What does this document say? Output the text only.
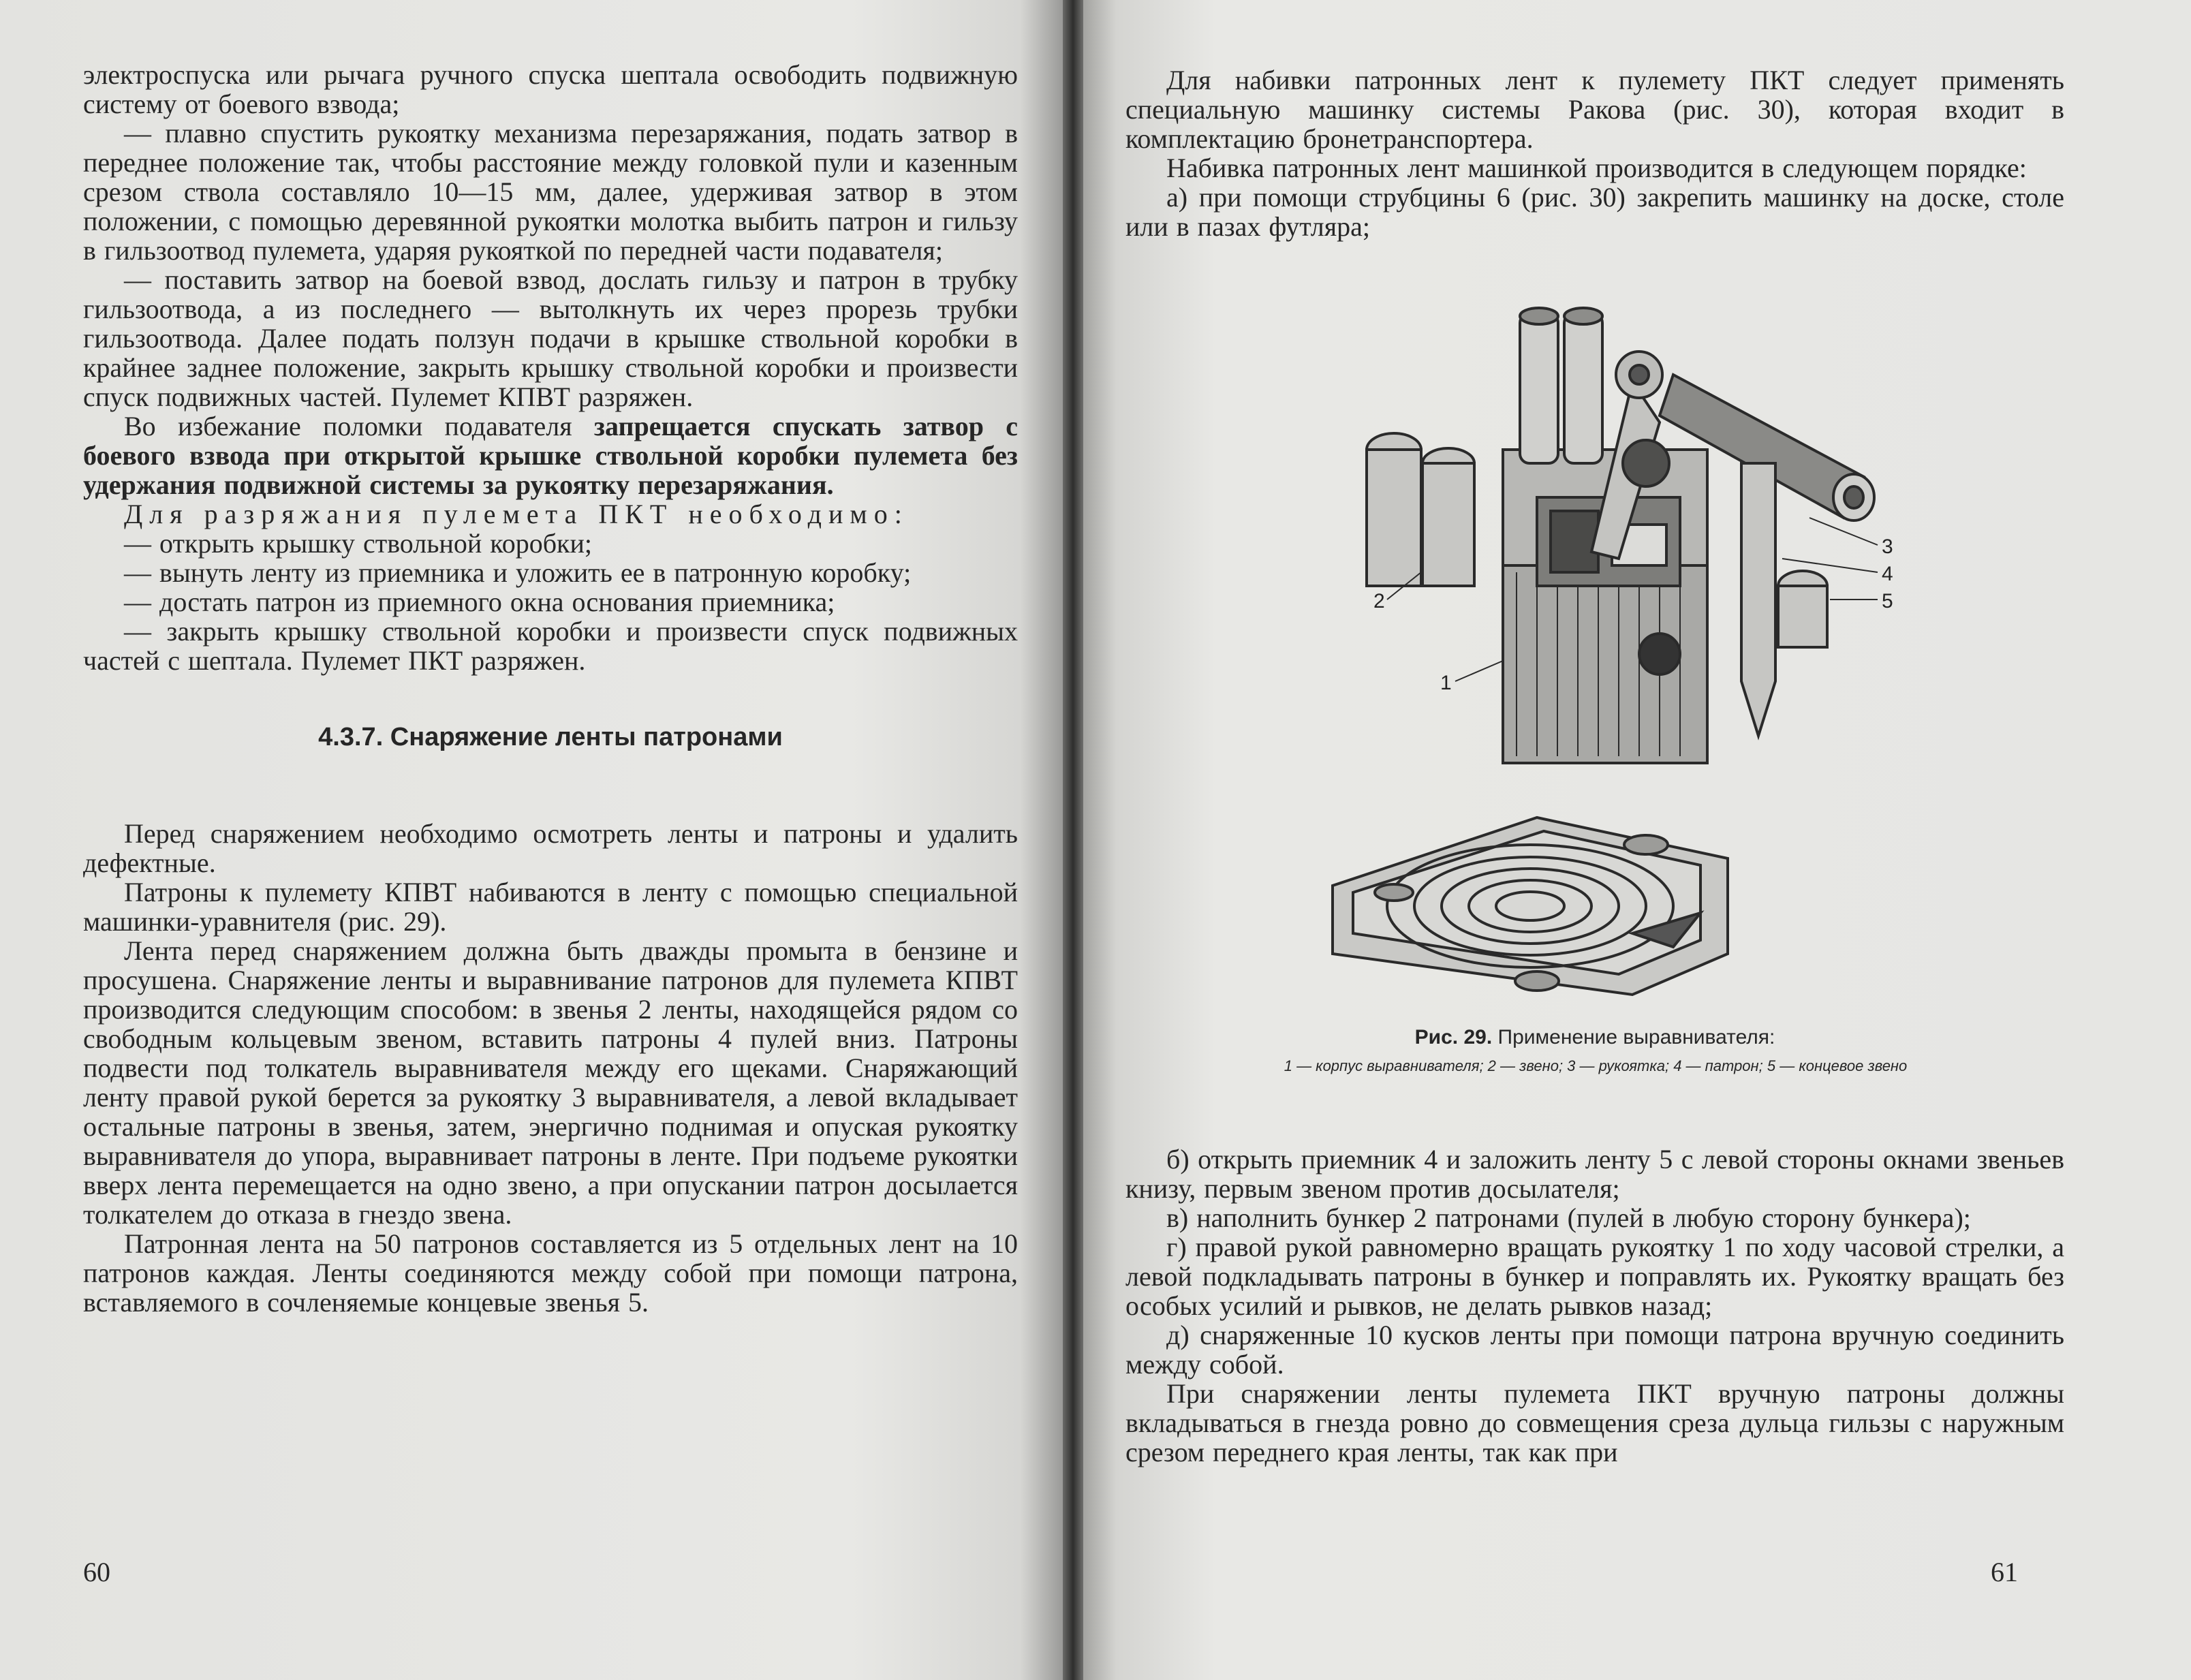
электроспуска или рычага ручного спуска шептала освободить подвижную систему от боевого взвода;

— плавно спустить рукоятку механизма перезаряжания, подать затвор в переднее положение так, чтобы расстояние между головкой пули и казенным срезом ствола составляло 10—15 мм, далее, удерживая затвор в этом положении, с помощью деревянной рукоятки молотка выбить патрон и гильзу в гильзоотвод пулемета, ударяя рукояткой по передней части подавателя;

— поставить затвор на боевой взвод, дослать гильзу и патрон в трубку гильзоотвода, а из последнего — вытолкнуть их через прорезь трубки гильзоотвода. Далее подать ползун подачи в крышке ствольной коробки в крайнее заднее положение, закрыть крышку ствольной коробки и произвести спуск подвижных частей. Пулемет КПВТ разряжен.

Во избежание поломки подавателя запрещается спускать затвор с боевого взвода при открытой крышке ствольной коробки пулемета без удержания подвижной системы за рукоятку перезаряжания.

Для разряжания пулемета ПКТ необходимо:

— открыть крышку ствольной коробки;

— вынуть ленту из приемника и уложить ее в патронную коробку;

— достать патрон из приемного окна основания приемника;

— закрыть крышку ствольной коробки и произвести спуск подвижных частей с шептала. Пулемет ПКТ разряжен.

4.3.7. Снаряжение ленты патронами

Перед снаряжением необходимо осмотреть ленты и патроны и удалить дефектные.

Патроны к пулемету КПВТ набиваются в ленту с помощью специальной машинки-уравнителя (рис. 29).

Лента перед снаряжением должна быть дважды промыта в бензине и просушена. Снаряжение ленты и выравнивание патронов для пулемета КПВТ производится следующим способом: в звенья 2 ленты, находящейся рядом со свободным кольцевым звеном, вставить патроны 4 пулей вниз. Патроны подвести под толкатель выравнивателя между его щеками. Снаряжающий ленту правой рукой берется за рукоятку 3 выравнивателя, а левой вкладывает остальные патроны в звенья, затем, энергично поднимая и опуская рукоятку выравнивателя до упора, выравнивает патроны в ленте. При подъеме рукоятки вверх лента перемещается на одно звено, а при опускании патрон досылается толкателем до отказа в гнездо звена.

Патронная лента на 50 патронов составляется из 5 отдельных лент на 10 патронов каждая. Ленты соединяются между собой при помощи патрона, вставляемого в сочленяемые концевые звенья 5.

60

Для набивки патронных лент к пулемету ПКТ следует применять специальную машинку системы Ракова (рис. 30), которая входит в комплектацию бронетранспортера.

Набивка патронных лент машинкой производится в следующем порядке:

а) при помощи струбцины 6 (рис. 30) закрепить машинку на доске, столе или в пазах футляра;

1
2
3
4
5
Рис. 29. Применение выравнивателя:
1 — корпус выравнивателя; 2 — звено; 3 — рукоятка; 4 — патрон; 5 — концевое звено

б) открыть приемник 4 и заложить ленту 5 с левой стороны окнами звеньев книзу, первым звеном против досылателя;

в) наполнить бункер 2 патронами (пулей в любую сторону бункера);

г) правой рукой равномерно вращать рукоятку 1 по ходу часовой стрелки, а левой подкладывать патроны в бункер и поправлять их. Рукоятку вращать без особых усилий и рывков, не делать рывков назад;

д) снаряженные 10 кусков ленты при помощи патрона вручную соединить между собой.

При снаряжении ленты пулемета ПКТ вручную патроны должны вкладываться в гнезда ровно до совмещения среза дульца гильзы с наружным срезом переднего края ленты, так как при

61
